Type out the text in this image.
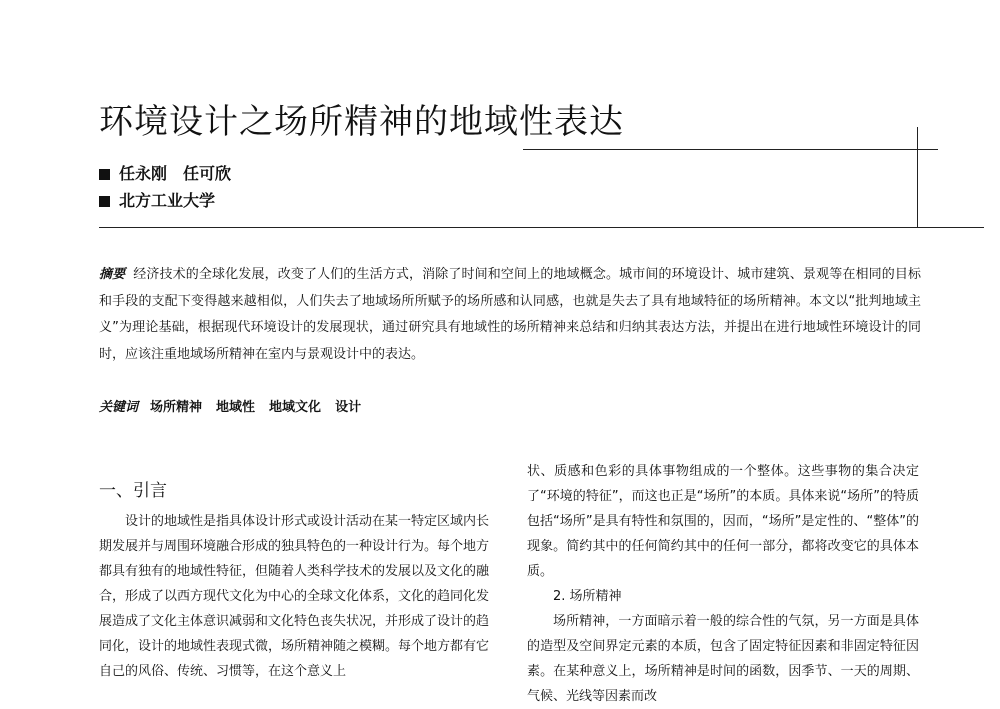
环境设计之场所精神的地域性表达
任永刚　任可欣
北方工业大学

摘要 经济技术的全球化发展，改变了人们的生活方式，消除了时间和空间上的地域概念。城市间的环境设计、城市建筑、景观等在相同的目标和手段的支配下变得越来越相似，人们失去了地域场所所赋予的场所感和认同感，也就是失去了具有地域特征的场所精神。本文以“批判地域主义”为理论基础，根据现代环境设计的发展现状，通过研究具有地域性的场所精神来总结和归纳其表达方法，并提出在进行地域性环境设计的同时，应该注重地域场所精神在室内与景观设计中的表达。

关键词 场所精神 地域性 地域文化 设计
一、引言

设计的地域性是指具体设计形式或设计活动在某一特定区域内长期发展并与周围环境融合形成的独具特色的一种设计行为。每个地方都具有独有的地域性特征，但随着人类科学技术的发展以及文化的融合，形成了以西方现代文化为中心的全球文化体系，文化的趋同化发展造成了文化主体意识减弱和文化特色丧失状况，并形成了设计的趋同化，设计的地域性表现式微，场所精神随之模糊。每个地方都有它自己的风俗、传统、习惯等，在这个意义上

状、质感和色彩的具体事物组成的一个整体。这些事物的集合决定了“环境的特征”，而这也正是“场所”的本质。具体来说“场所”的特质包括“场所”是具有特性和氛围的，因而，“场所”是定性的、“整体”的现象。简约其中的任何简约其中的任何一部分，都将改变它的具体本质。

2. 场所精神

场所精神，一方面暗示着一般的综合性的气氛，另一方面是具体的造型及空间界定元素的本质，包含了固定特征因素和非固定特征因素。在某种意义上，场所精神是时间的函数，因季节、一天的周期、气候、光线等因素而改
